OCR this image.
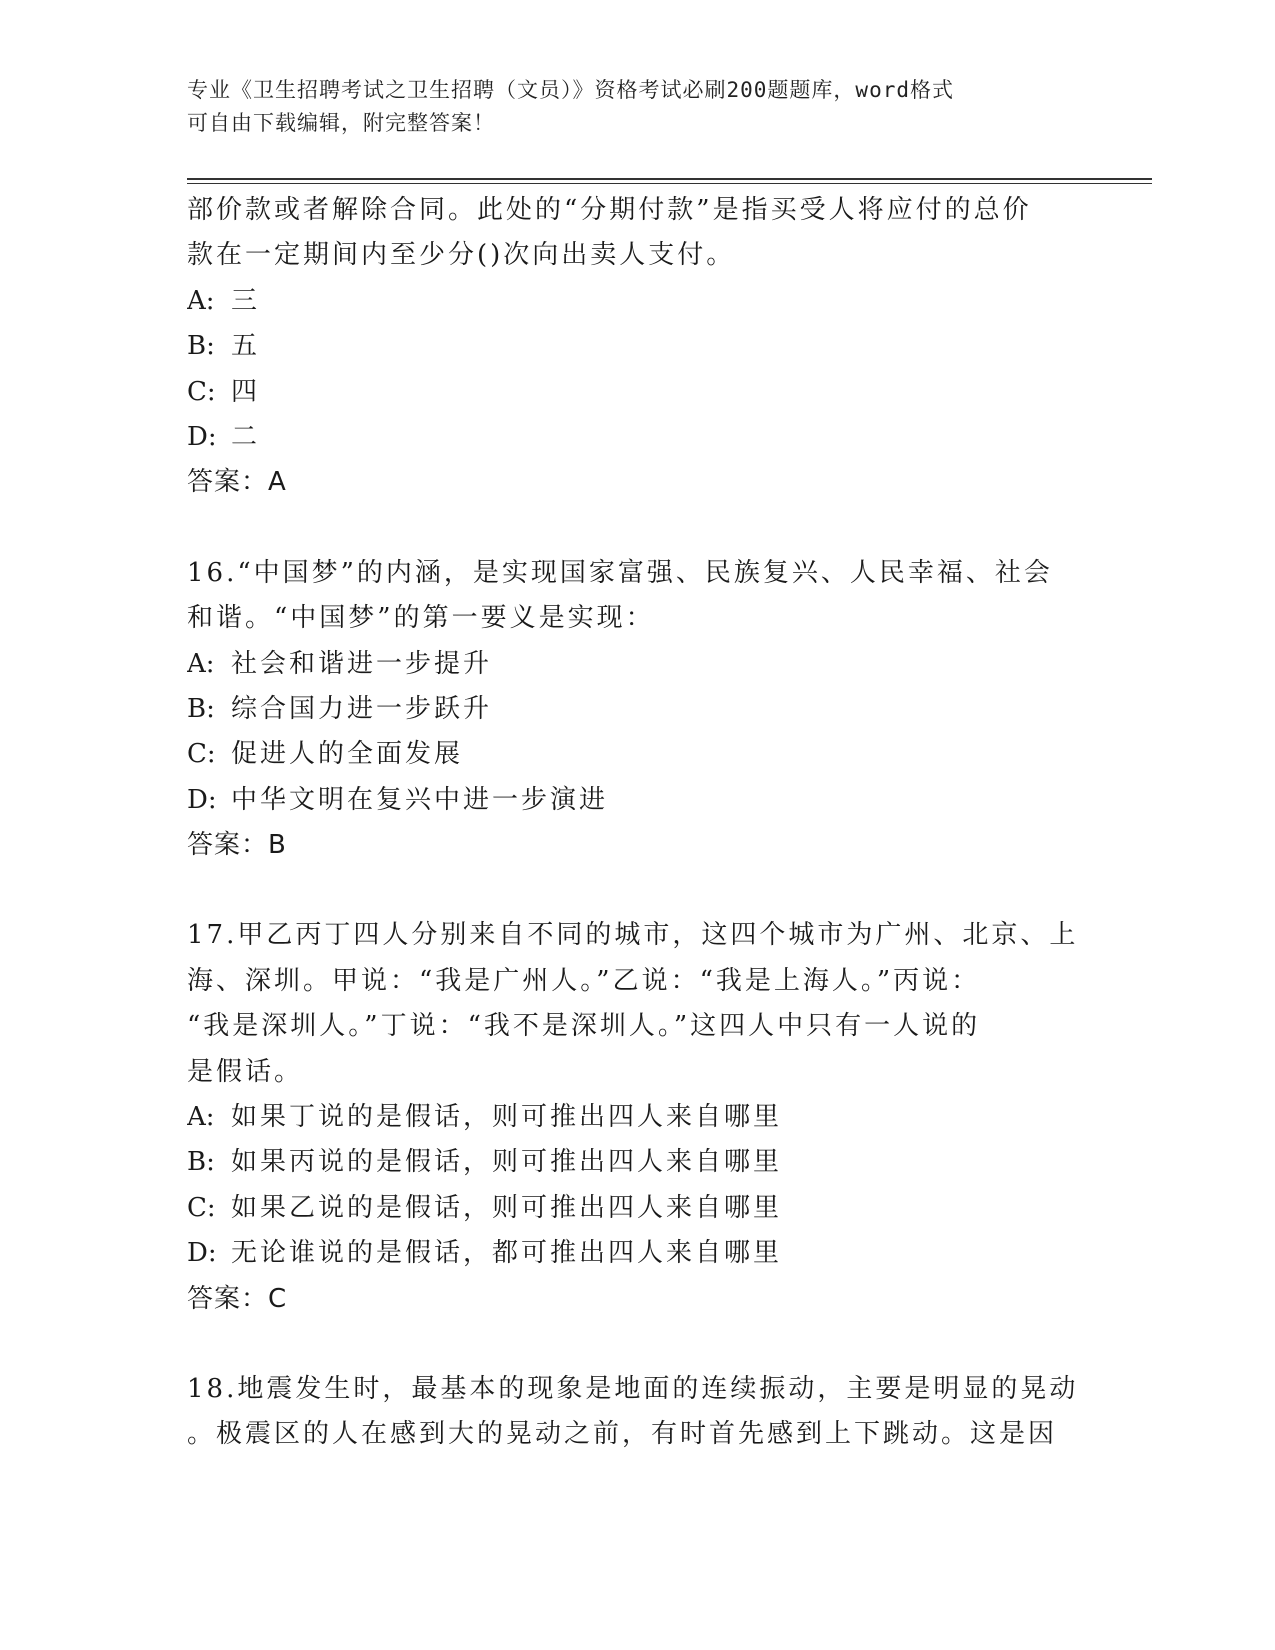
专业《卫生招聘考试之卫生招聘（文员）》资格考试必刷200题题库，word格式
可自由下载编辑，附完整答案！
部价款或者解除合同。此处的“分期付款”是指买受人将应付的总价
款在一定期间内至少分()次向出卖人支付。
A: 三
B: 五
C: 四
D: 二
答案：A
16.“中国梦”的内涵，是实现国家富强、民族复兴、人民幸福、社会
和谐。“中国梦”的第一要义是实现：
A: 社会和谐进一步提升
B: 综合国力进一步跃升
C: 促进人的全面发展
D: 中华文明在复兴中进一步演进
答案：B
17.甲乙丙丁四人分别来自不同的城市，这四个城市为广州、北京、上
海、深圳。甲说：“我是广州人。”乙说：“我是上海人。”丙说：
“我是深圳人。”丁说：“我不是深圳人。”这四人中只有一人说的
是假话。
A: 如果丁说的是假话，则可推出四人来自哪里
B: 如果丙说的是假话，则可推出四人来自哪里
C: 如果乙说的是假话，则可推出四人来自哪里
D: 无论谁说的是假话，都可推出四人来自哪里
答案：C
18.地震发生时，最基本的现象是地面的连续振动，主要是明显的晃动
。极震区的人在感到大的晃动之前，有时首先感到上下跳动。这是因
